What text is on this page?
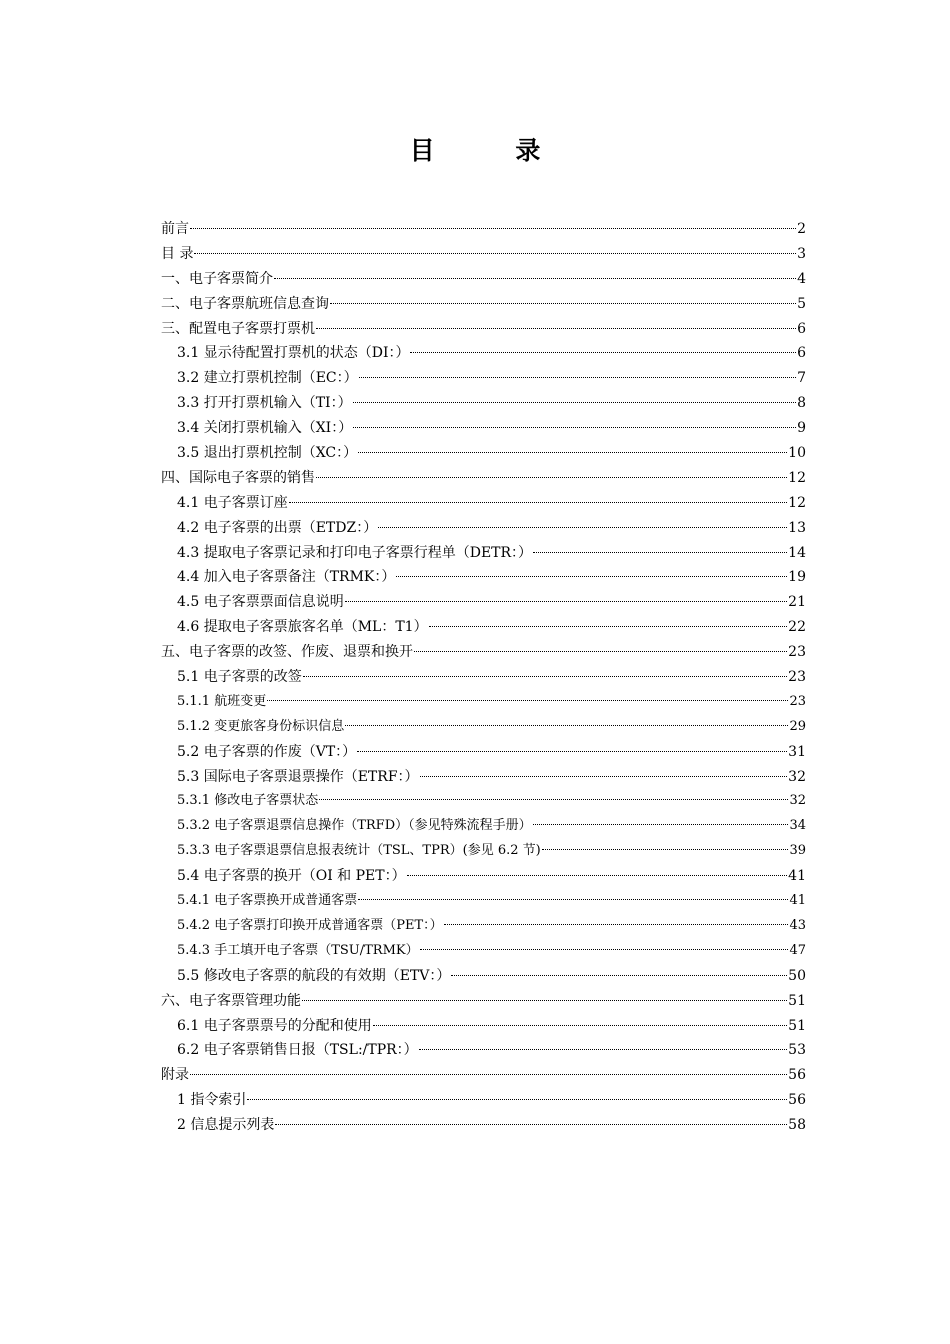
目 录
前言	2
目 录	3
一、电子客票简介	4
二、电子客票航班信息查询	5
三、配置电子客票打票机	6
3.1 显示待配置打票机的状态（DI：）	6
3.2 建立打票机控制（EC：）	7
3.3 打开打票机输入（TI：）	8
3.4 关闭打票机输入（XI：）	9
3.5 退出打票机控制（XC：）	10
四、国际电子客票的销售	12
4.1 电子客票订座	12
4.2 电子客票的出票（ETDZ：）	13
4.3 提取电子客票记录和打印电子客票行程单（DETR：）	14
4.4 加入电子客票备注（TRMK：）	19
4.5 电子客票票面信息说明	21
4.6 提取电子客票旅客名单（ML：T1）	22
五、电子客票的改签、作废、退票和换开	23
5.1 电子客票的改签	23
5.1.1 航班变更	23
5.1.2 变更旅客身份标识信息	29
5.2 电子客票的作废（VT：）	31
5.3 国际电子客票退票操作（ETRF：）	32
5.3.1 修改电子客票状态	32
5.3.2 电子客票退票信息操作（TRFD）（参见特殊流程手册）	34
5.3.3 电子客票退票信息报表统计（TSL、TPR）(参见 6.2 节)	39
5.4 电子客票的换开（OI 和 PET：）	41
5.4.1 电子客票换开成普通客票	41
5.4.2 电子客票打印换开成普通客票（PET：）	43
5.4.3 手工填开电子客票（TSU/TRMK）	47
5.5 修改电子客票的航段的有效期（ETV：）	50
六、电子客票管理功能	51
6.1 电子客票票号的分配和使用	51
6.2 电子客票销售日报（TSL:/TPR：）	53
附录	56
1 指令索引	56
2 信息提示列表	58
